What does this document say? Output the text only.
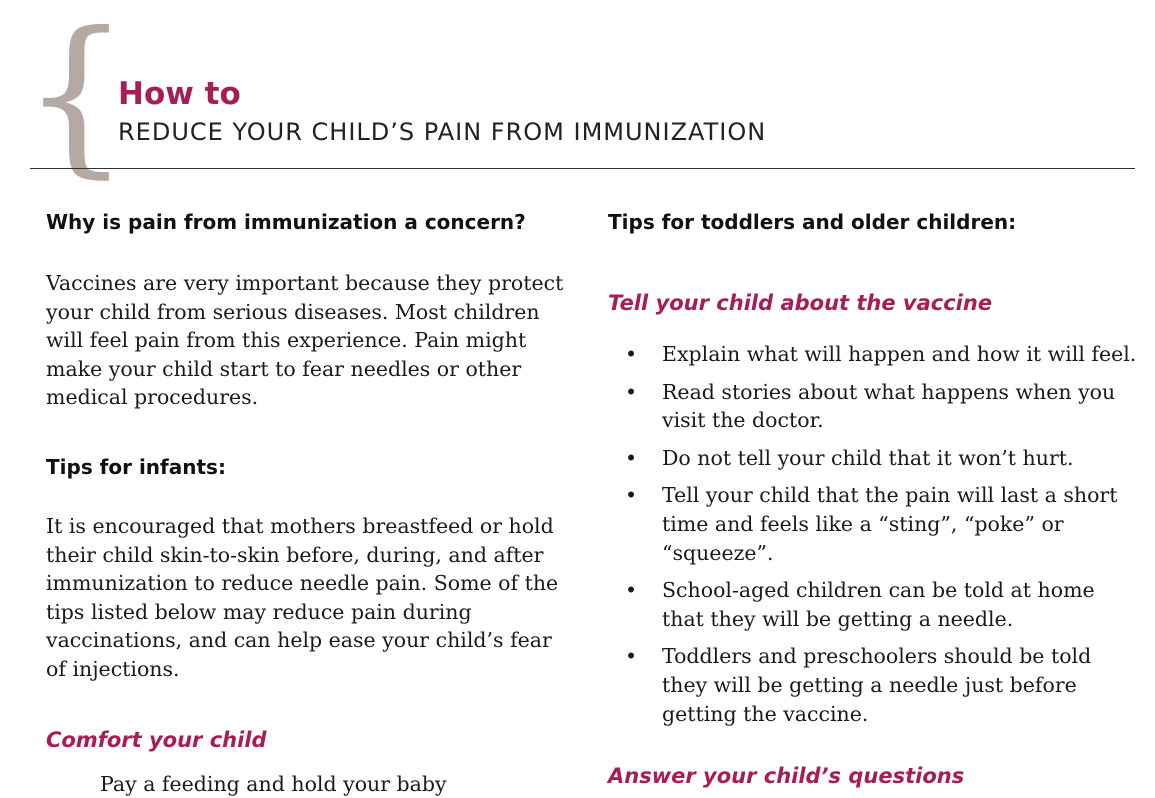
{
How to
REDUCE YOUR CHILD’S PAIN FROM IMMUNIZATION
Why is pain from immunization a concern?

Vaccines are very important because they protect your child from serious diseases. Most children will feel pain from this experience. Pain might make your child start to fear needles or other medical procedures.

Tips for infants:

It is encouraged that mothers breastfeed or hold their child skin-to-skin before, during, and after immunization to reduce needle pain. Some of the tips listed below may reduce pain during vaccinations, and can help ease your child’s fear of injections.

Comfort your child

Pay a feeding and hold your baby

Tips for toddlers and older children:
Tell your child about the vaccine
• Explain what will happen and how it will feel.
• Read stories about what happens when you visit the doctor.
• Do not tell your child that it won’t hurt.
• Tell your child that the pain will last a short time and feels like a “sting”, “poke” or “squeeze”.
• School-aged children can be told at home that they will be getting a needle.
• Toddlers and preschoolers should be told they will be getting a needle just before getting the vaccine.
Answer your child’s questions
